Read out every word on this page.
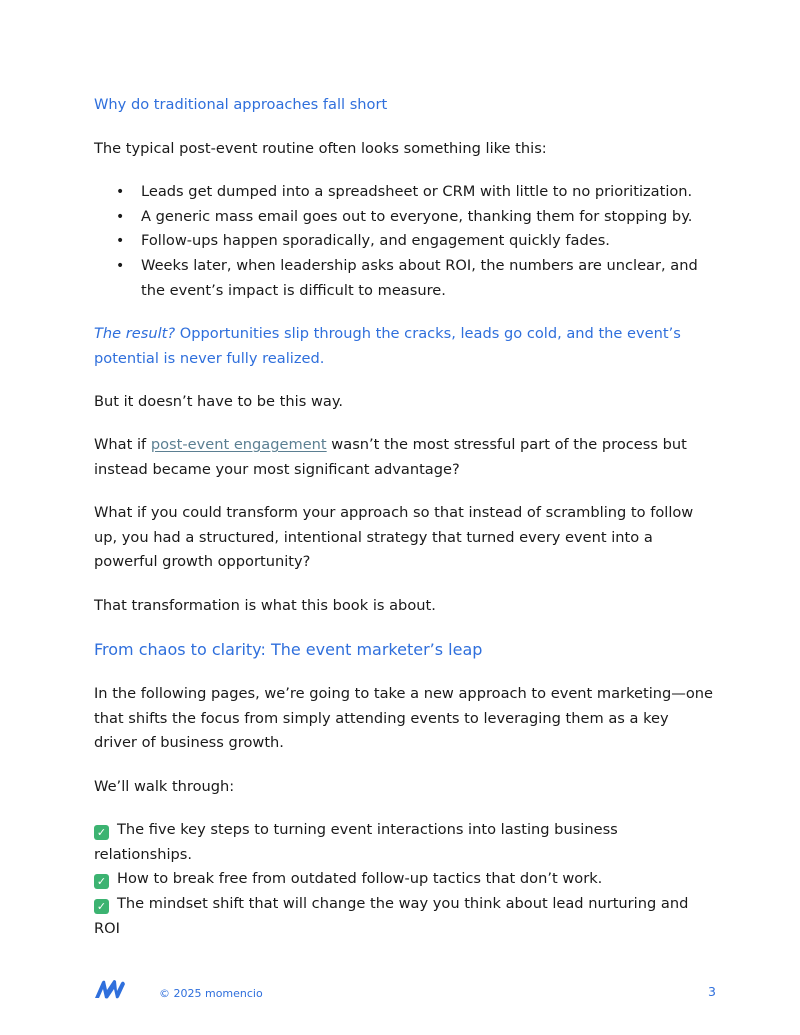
Why do traditional approaches fall short
The typical post-event routine often looks something like this:
• Leads get dumped into a spreadsheet or CRM with little to no prioritization.
• A generic mass email goes out to everyone, thanking them for stopping by.
• Follow-ups happen sporadically, and engagement quickly fades.
• Weeks later, when leadership asks about ROI, the numbers are unclear, and the event’s impact is difficult to measure.
The result? Opportunities slip through the cracks, leads go cold, and the event’s potential is never fully realized.
But it doesn’t have to be this way.
What if post-event engagement wasn’t the most stressful part of the process but instead became your most significant advantage?
What if you could transform your approach so that instead of scrambling to follow up, you had a structured, intentional strategy that turned every event into a powerful growth opportunity?
That transformation is what this book is about.
From chaos to clarity: The event marketer’s leap
In the following pages, we’re going to take a new approach to event marketing—one that shifts the focus from simply attending events to leveraging them as a key driver of business growth.
We’ll walk through:
✓ The five key steps to turning event interactions into lasting business relationships.
✓ How to break free from outdated follow-up tactics that don’t work.
✓ The mindset shift that will change the way you think about lead nurturing and ROI
© 2025 momencio	3
